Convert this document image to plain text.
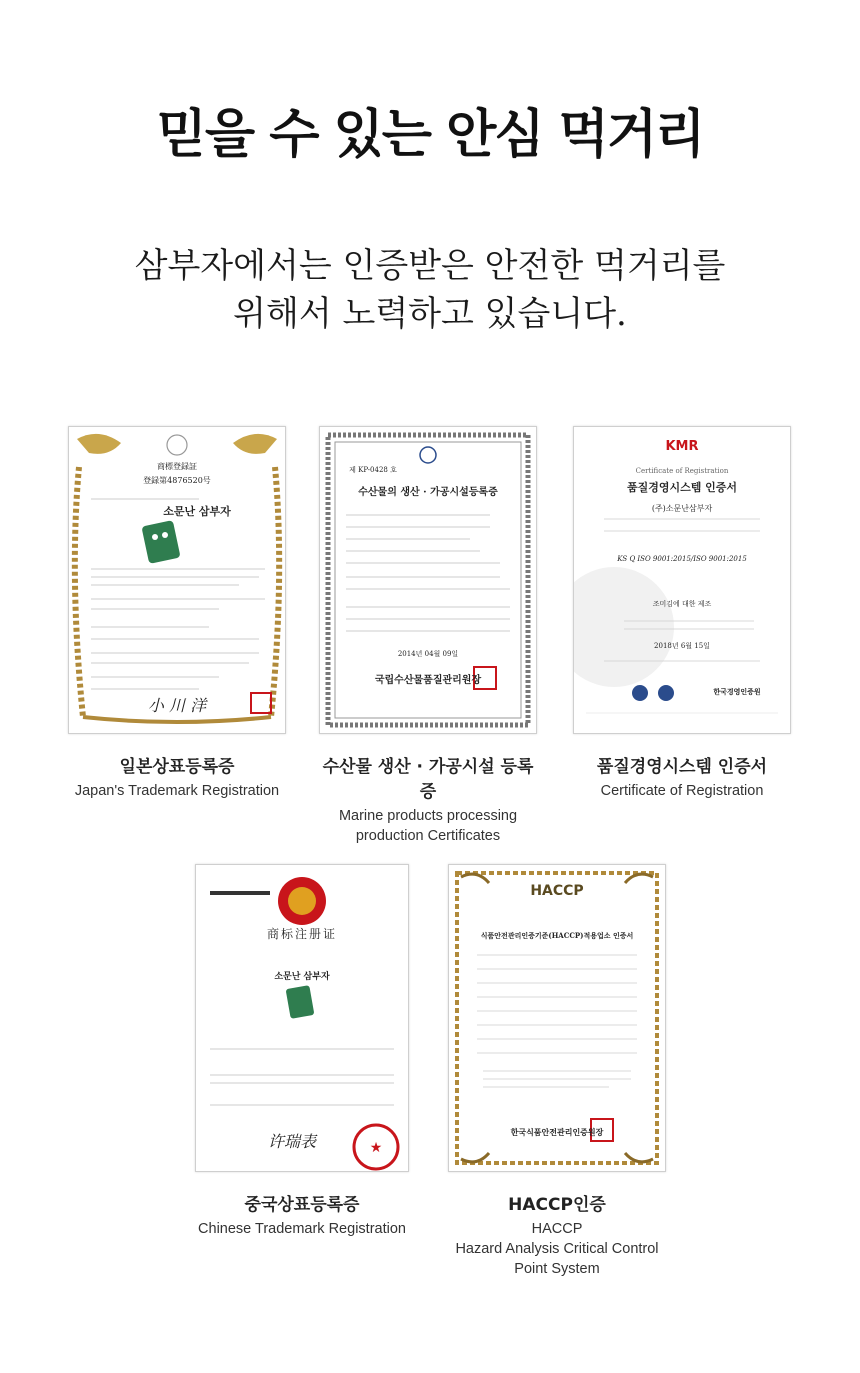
믿을 수 있는 안심 먹거리
삼부자에서는 인증받은 안전한 먹거리를
위해서 노력하고 있습니다.
商標登録証
登録第4876520号
소문난 삼부자
小 川 洋
일본상표등록증
Japan's Trademark Registration
제 KP-0428 호
수산물의 생산 · 가공시설등록증
2014년 04월 09일
국립수산물품질관리원장
수산물 생산 · 가공시설 등록증
Marine products processing
production Certificates
KMR
Certificate of Registration
품질경영시스템 인증서
(주)소문난삼부자
KS Q ISO 9001:2015/ISO 9001:2015
조미김에 대한 제조
2018년 6월 15일
한국경영인증원
품질경영시스템 인증서
Certificate of Registration
★
商标注册证
소문난 삼부자
许瑞表
중국상표등록증
Chinese Trademark Registration
HACCP
식품안전관리인증기준(HACCP)적용업소 인증서
한국식품안전관리인증원장
HACCP인증
HACCP
Hazard Analysis Critical Control
Point System
